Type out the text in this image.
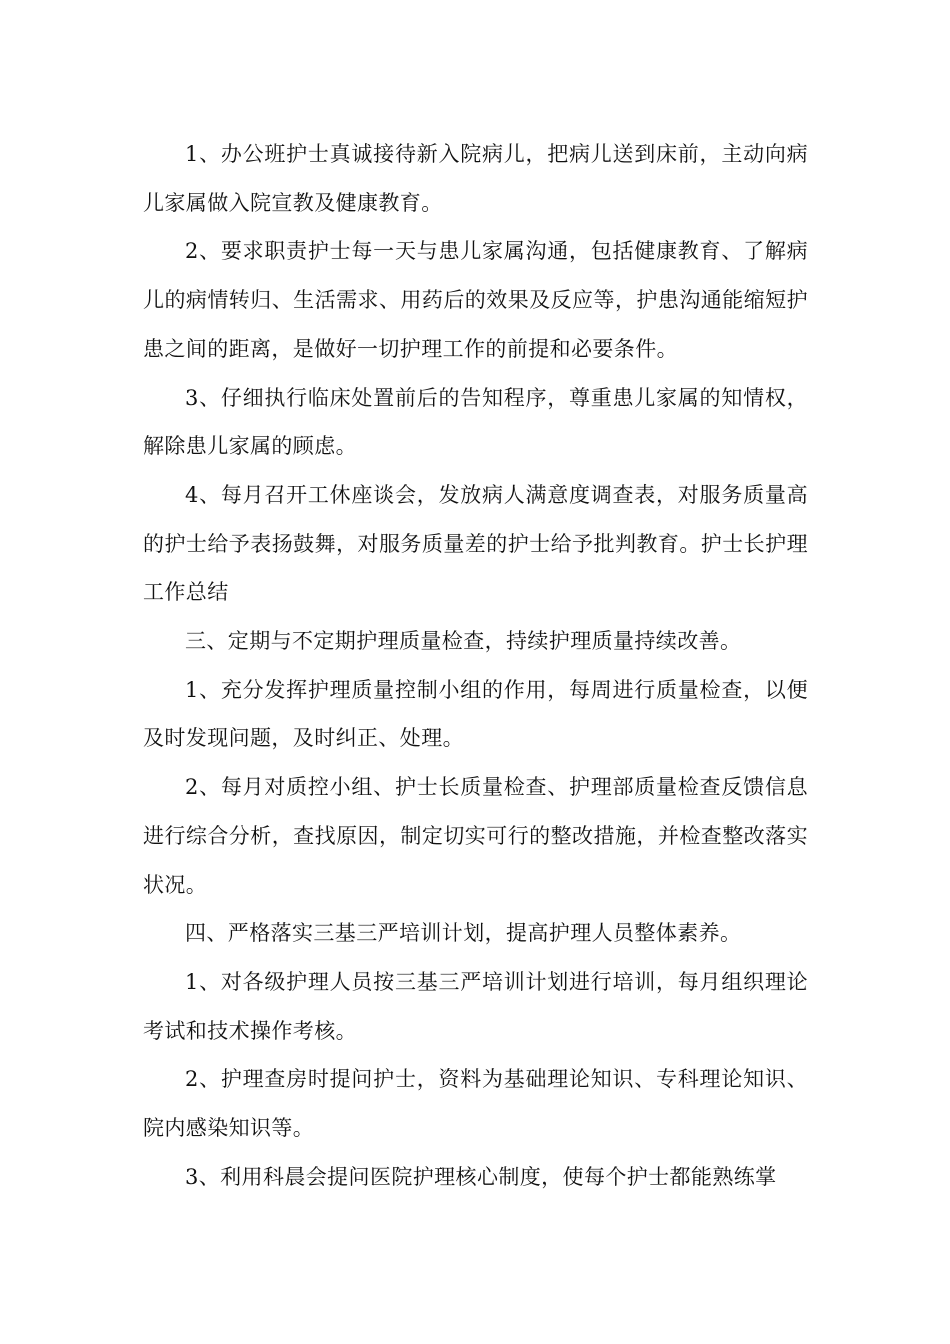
1、办公班护士真诚接待新入院病儿，把病儿送到床前，主动向病儿家属做入院宣教及健康教育。

2、要求职责护士每一天与患儿家属沟通，包括健康教育、了解病儿的病情转归、生活需求、用药后的效果及反应等，护患沟通能缩短护患之间的距离，是做好一切护理工作的前提和必要条件。

3、仔细执行临床处置前后的告知程序，尊重患儿家属的知情权，解除患儿家属的顾虑。

4、每月召开工休座谈会，发放病人满意度调查表，对服务质量高的护士给予表扬鼓舞，对服务质量差的护士给予批判教育。护士长护理工作总结

三、定期与不定期护理质量检查，持续护理质量持续改善。

1、充分发挥护理质量控制小组的作用，每周进行质量检查，以便及时发现问题，及时纠正、处理。

2、每月对质控小组、护士长质量检查、护理部质量检查反馈信息进行综合分析，查找原因，制定切实可行的整改措施，并检查整改落实状况。

四、严格落实三基三严培训计划，提高护理人员整体素养。

1、对各级护理人员按三基三严培训计划进行培训，每月组织理论考试和技术操作考核。

2、护理查房时提问护士，资料为基础理论知识、专科理论知识、院内感染知识等。

3、利用科晨会提问医院护理核心制度，使每个护士都能熟练掌
